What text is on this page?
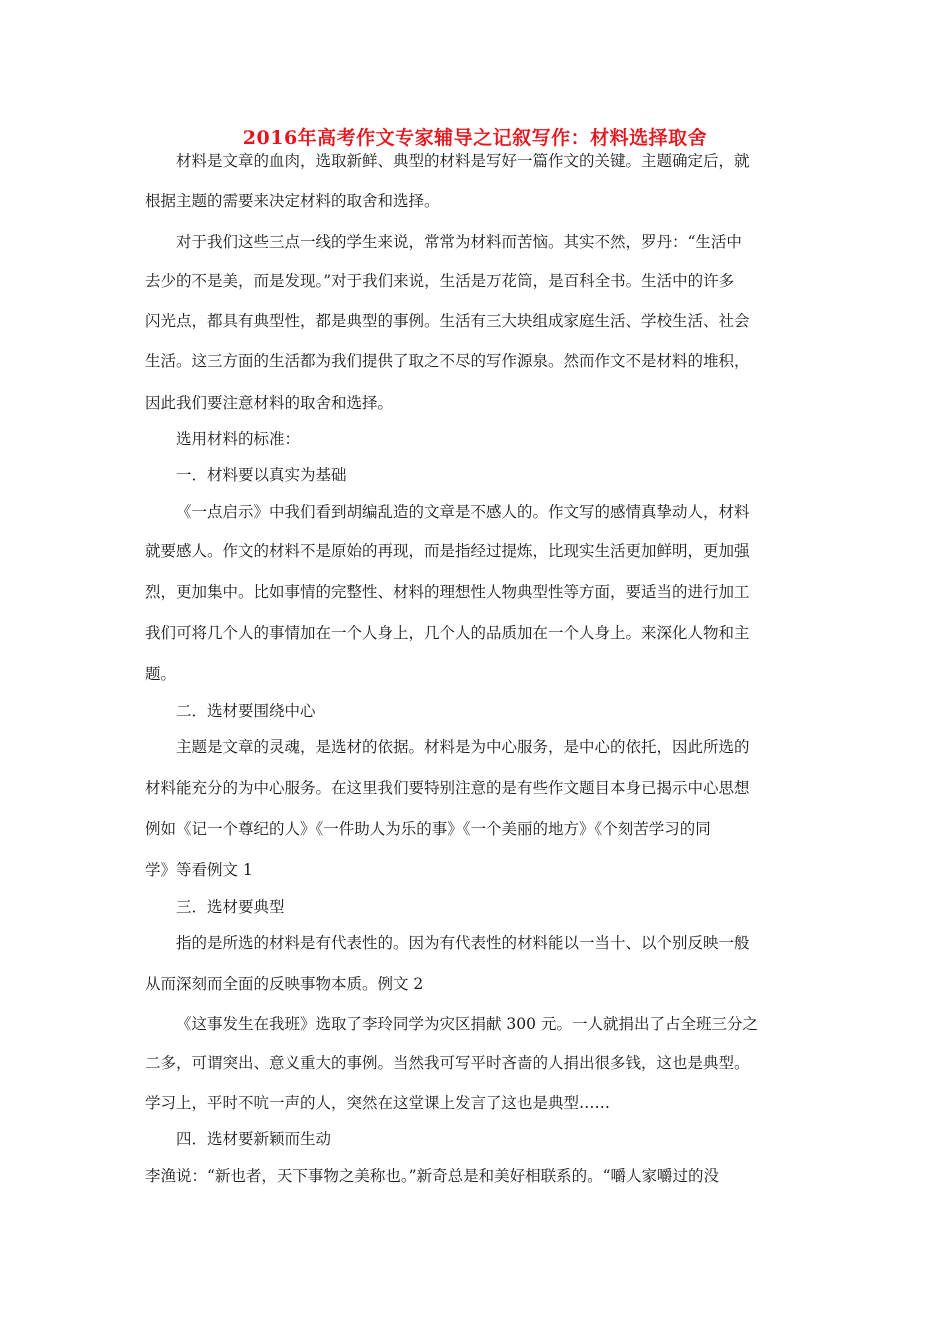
2016年高考作文专家辅导之记叙写作：材料选择取舍
材料是文章的血肉，选取新鲜、典型的材料是写好一篇作文的关键。主题确定后，就
根据主题的需要来决定材料的取舍和选择。
对于我们这些三点一线的学生来说，常常为材料而苦恼。其实不然，罗丹：“生活中
去少的不是美，而是发现。”对于我们来说，生活是万花筒，是百科全书。生活中的许多
闪光点，都具有典型性，都是典型的事例。生活有三大块组成家庭生活、学校生活、社会
生活。这三方面的生活都为我们提供了取之不尽的写作源泉。然而作文不是材料的堆积，
因此我们要注意材料的取舍和选择。
选用材料的标准：
一．材料要以真实为基础
《一点启示》中我们看到胡编乱造的文章是不感人的。作文写的感情真挚动人，材料
就要感人。作文的材料不是原始的再现，而是指经过提炼，比现实生活更加鲜明，更加强
烈，更加集中。比如事情的完整性、材料的理想性人物典型性等方面，要适当的进行加工
我们可将几个人的事情加在一个人身上，几个人的品质加在一个人身上。来深化人物和主
题。
二．选材要围绕中心
主题是文章的灵魂，是选材的依据。材料是为中心服务，是中心的依托，因此所选的
材料能充分的为中心服务。在这里我们要特别注意的是有些作文题目本身已揭示中心思想
例如《记一个尊纪的人》《一件助人为乐的事》《一个美丽的地方》《个刻苦学习的同
学》等看例文 1
三．选材要典型
指的是所选的材料是有代表性的。因为有代表性的材料能以一当十、以个别反映一般
从而深刻而全面的反映事物本质。例文 2
《这事发生在我班》选取了李玲同学为灾区捐献 300 元。一人就捐出了占全班三分之
二多，可谓突出、意义重大的事例。当然我可写平时吝啬的人捐出很多钱，这也是典型。
学习上，平时不吭一声的人，突然在这堂课上发言了这也是典型……
四．选材要新颖而生动
李渔说：“新也者，天下事物之美称也。”新奇总是和美好相联系的。“嚼人家嚼过的没
